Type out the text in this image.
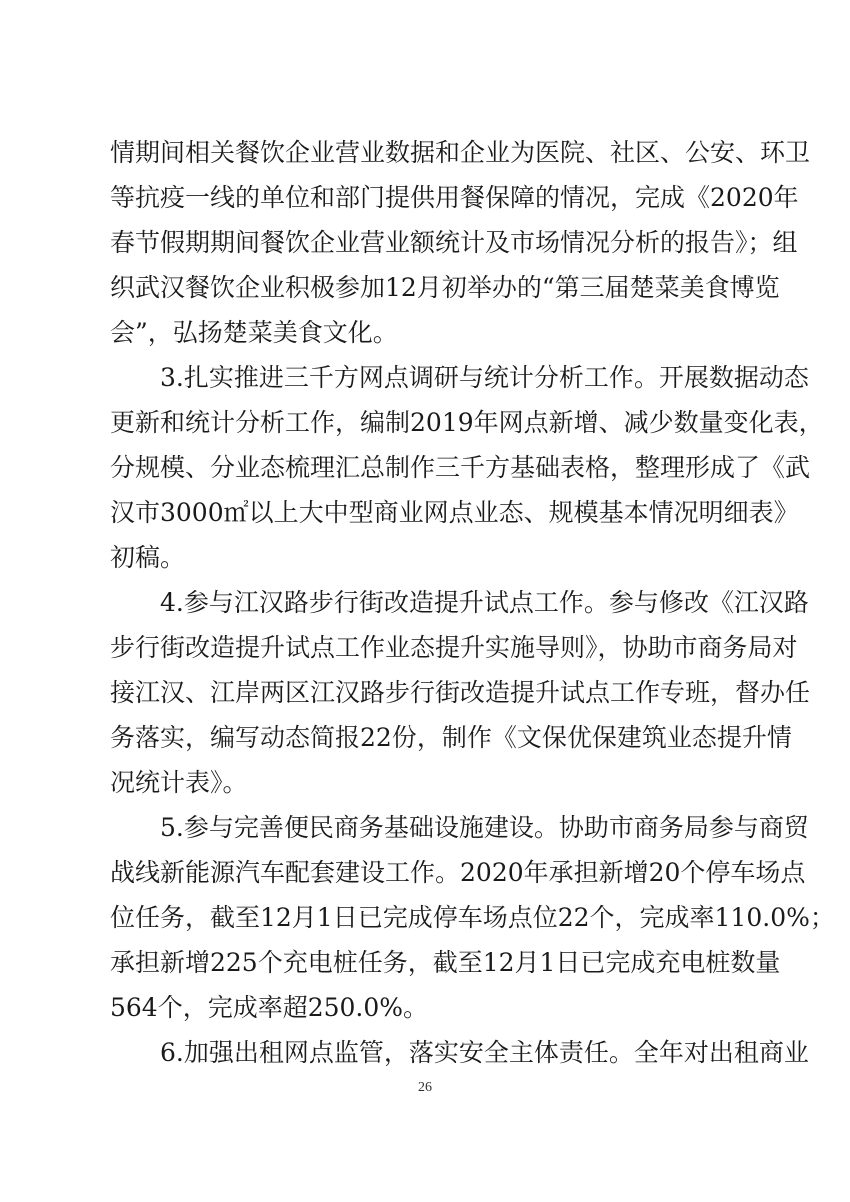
情期间相关餐饮企业营业数据和企业为医院、社区、公安、环卫
等抗疫一线的单位和部门提供用餐保障的情况，完成《2020年
春节假期期间餐饮企业营业额统计及市场情况分析的报告》；组
织武汉餐饮企业积极参加12月初举办的“第三届楚菜美食博览
会”，弘扬楚菜美食文化。
3.扎实推进三千方网点调研与统计分析工作。开展数据动态
更新和统计分析工作，编制2019年网点新增、减少数量变化表，
分规模、分业态梳理汇总制作三千方基础表格，整理形成了《武
汉市3000㎡以上大中型商业网点业态、规模基本情况明细表》
初稿。
4.参与江汉路步行街改造提升试点工作。参与修改《江汉路
步行街改造提升试点工作业态提升实施导则》，协助市商务局对
接江汉、江岸两区江汉路步行街改造提升试点工作专班，督办任
务落实，编写动态简报22份，制作《文保优保建筑业态提升情
况统计表》。
5.参与完善便民商务基础设施建设。协助市商务局参与商贸
战线新能源汽车配套建设工作。2020年承担新增20个停车场点
位任务，截至12月1日已完成停车场点位22个，完成率110.0%；
承担新增225个充电桩任务，截至12月1日已完成充电桩数量
564个，完成率超250.0%。
6.加强出租网点监管，落实安全主体责任。全年对出租商业
26
